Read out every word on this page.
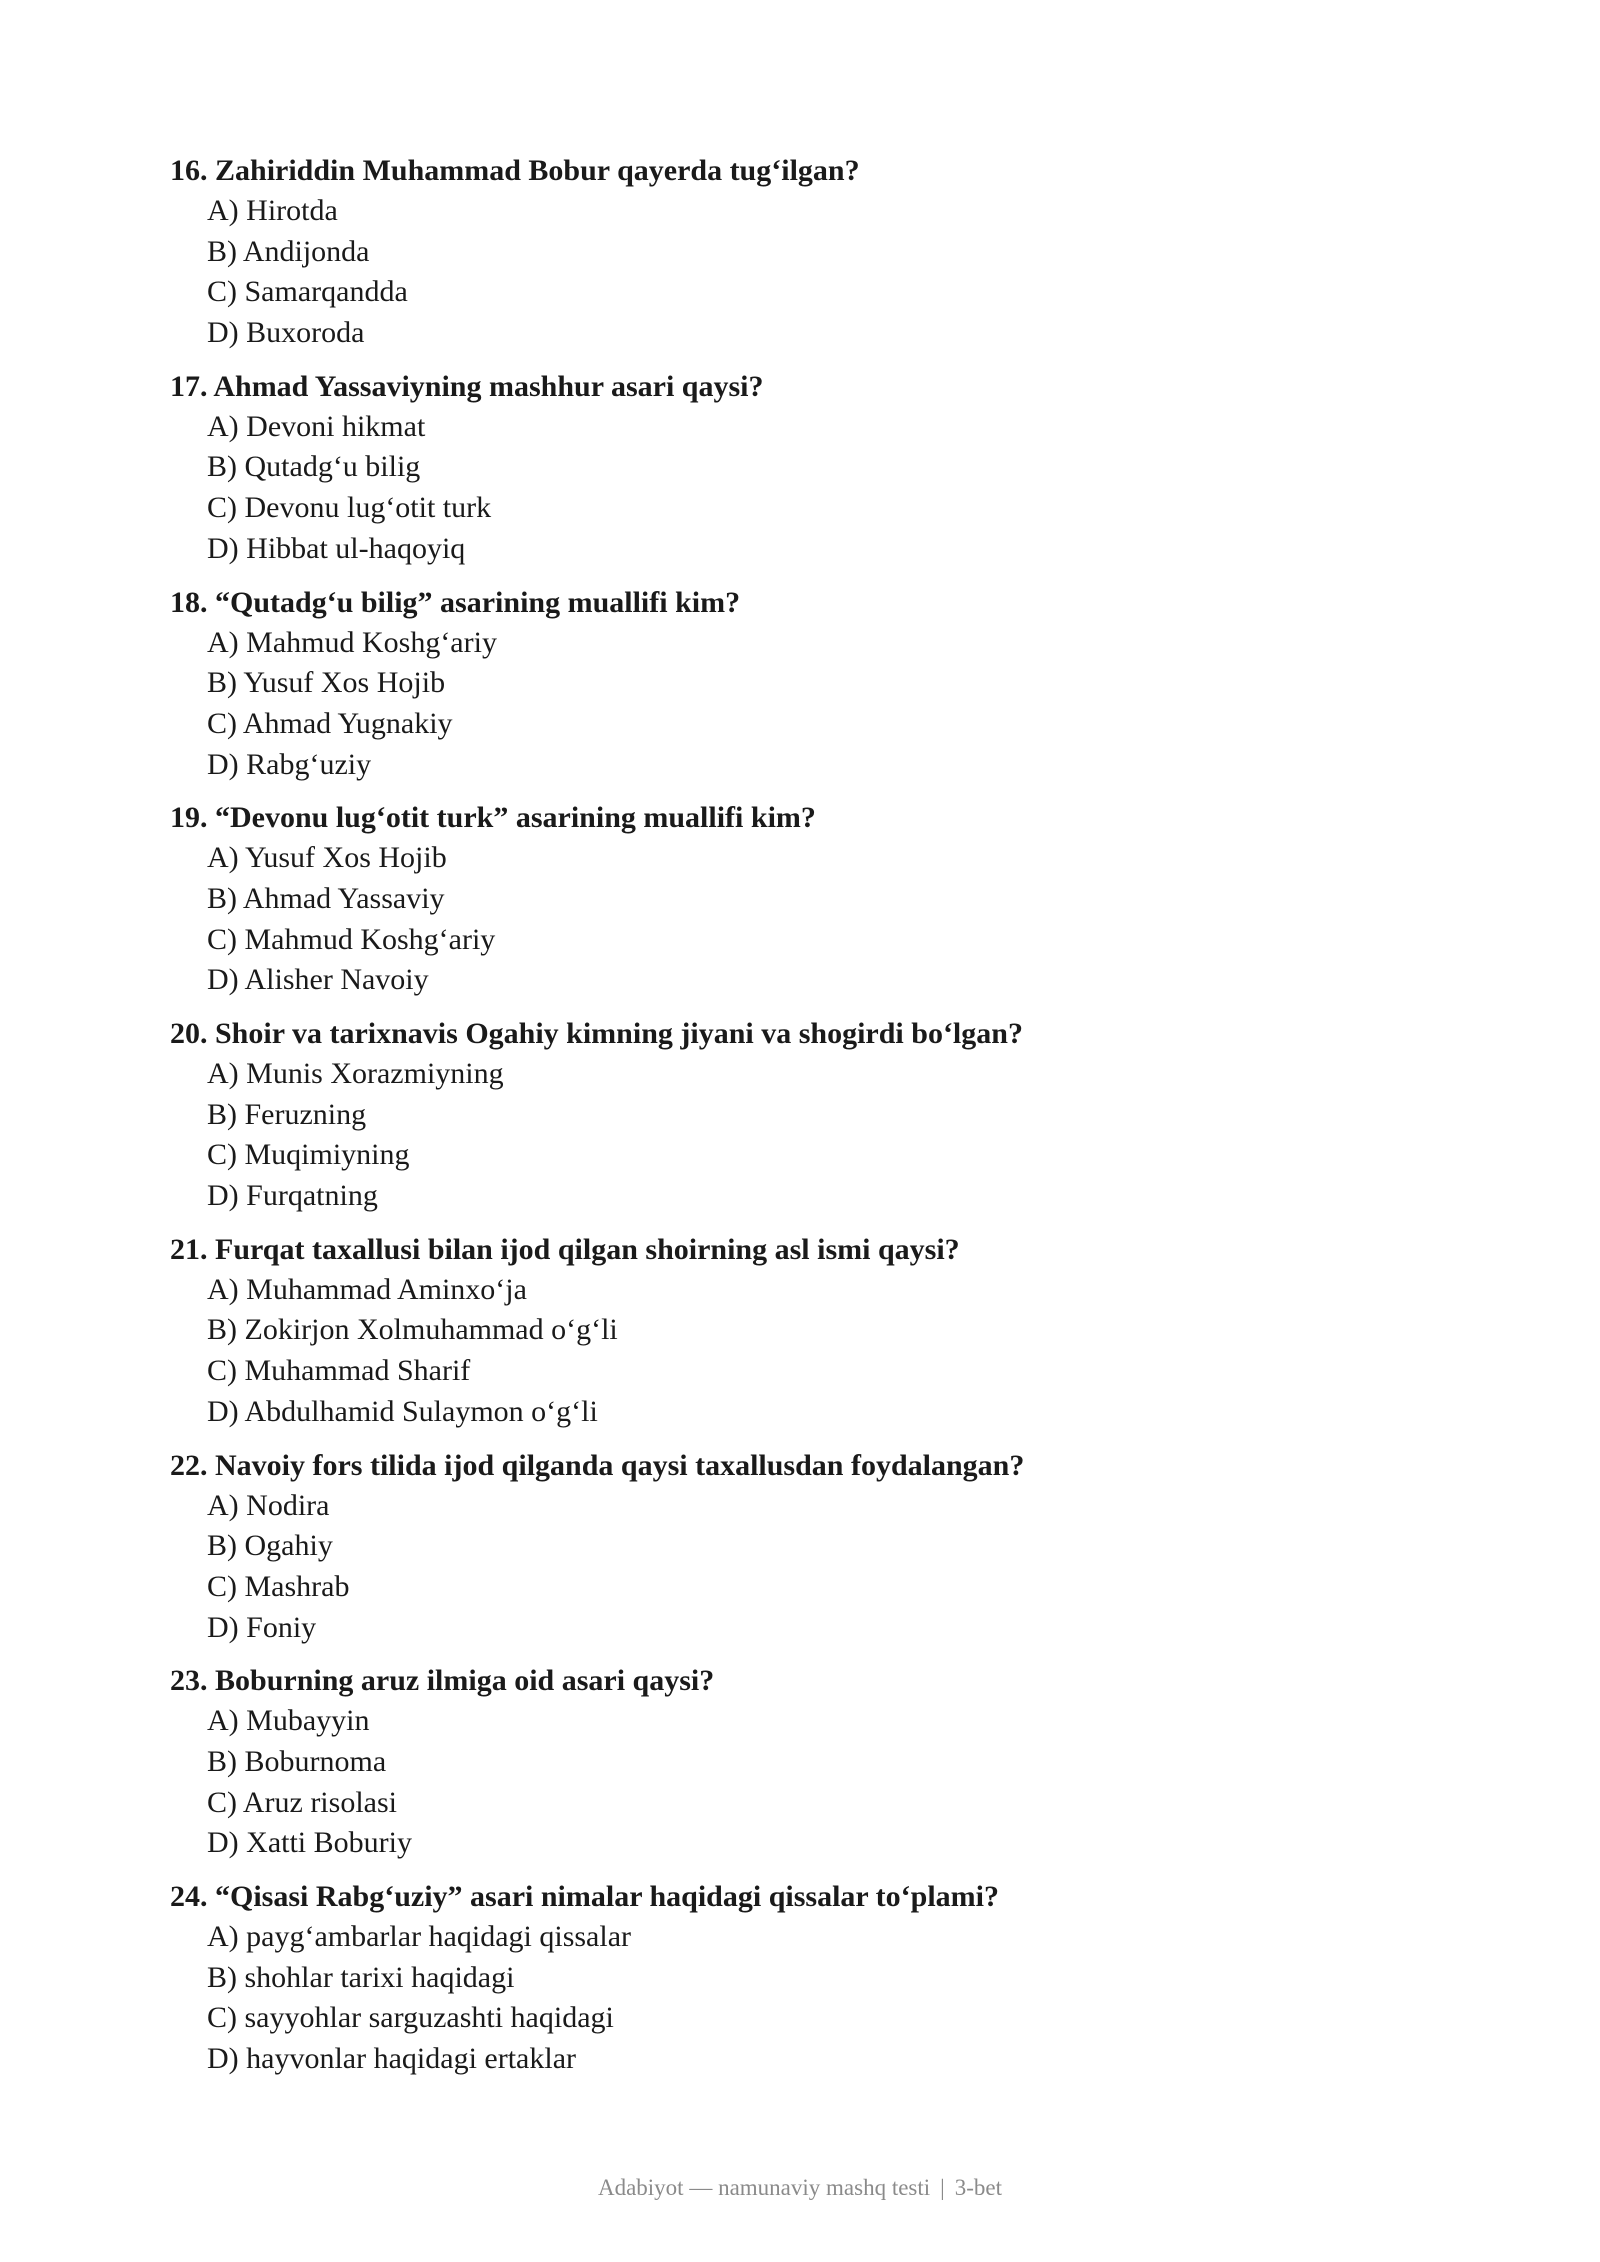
16. Zahiriddin Muhammad Bobur qayerda tug‘ilgan?
A) Hirotda
B) Andijonda
C) Samarqandda
D) Buxoroda
17. Ahmad Yassaviyning mashhur asari qaysi?
A) Devoni hikmat
B) Qutadg‘u bilig
C) Devonu lug‘otit turk
D) Hibbat ul-haqoyiq
18. “Qutadg‘u bilig” asarining muallifi kim?
A) Mahmud Koshg‘ariy
B) Yusuf Xos Hojib
C) Ahmad Yugnakiy
D) Rabg‘uziy
19. “Devonu lug‘otit turk” asarining muallifi kim?
A) Yusuf Xos Hojib
B) Ahmad Yassaviy
C) Mahmud Koshg‘ariy
D) Alisher Navoiy
20. Shoir va tarixnavis Ogahiy kimning jiyani va shogirdi bo‘lgan?
A) Munis Xorazmiyning
B) Feruzning
C) Muqimiyning
D) Furqatning
21. Furqat taxallusi bilan ijod qilgan shoirning asl ismi qaysi?
A) Muhammad Aminxo‘ja
B) Zokirjon Xolmuhammad o‘g‘li
C) Muhammad Sharif
D) Abdulhamid Sulaymon o‘g‘li
22. Navoiy fors tilida ijod qilganda qaysi taxallusdan foydalangan?
A) Nodira
B) Ogahiy
C) Mashrab
D) Foniy
23. Boburning aruz ilmiga oid asari qaysi?
A) Mubayyin
B) Boburnoma
C) Aruz risolasi
D) Xatti Boburiy
24. “Qisasi Rabg‘uziy” asari nimalar haqidagi qissalar to‘plami?
A) payg‘ambarlar haqidagi qissalar
B) shohlar tarixi haqidagi
C) sayyohlar sarguzashti haqidagi
D) hayvonlar haqidagi ertaklar
Adabiyot — namunaviy mashq testi | 3-bet
